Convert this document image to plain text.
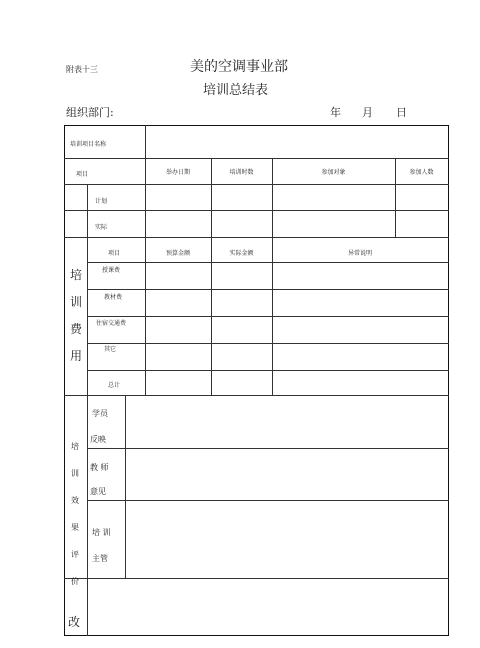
附表十三	美的空调事业部
培训总结表
组织部门:	年 月 日
培训项目名称
项目	举办日期	培训时数	参加对象	参加人数
计划
实际
培训费用
项目	预算金额	实际金额	异常说明
授课费
教材费
住宿交通费
其它
总计
培训效果评价
学员
反映
教 师
意见
培 训
主管
改
